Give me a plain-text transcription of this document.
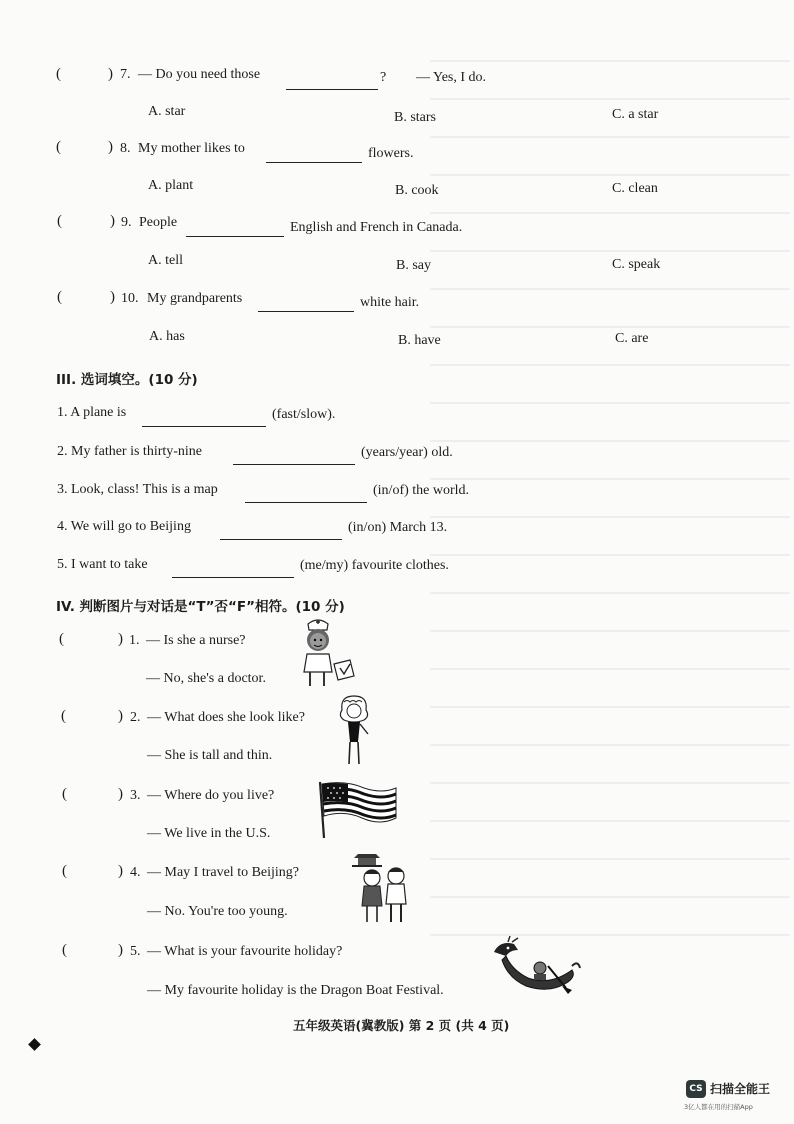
(	) 7. — Do you need those	? — Yes, I do.
A. star	B. stars	C. a star
(	) 8. My mother likes to	flowers.
A. plant	B. cook	C. clean
(	) 9. People	English and French in Canada.
A. tell	B. say	C. speak
(	) 10. My grandparents	white hair.
A. has	B. have	C. are
III. 选词填空。(10 分)
1. A plane is	(fast/slow).
2. My father is thirty-nine	(years/year) old.
3. Look, class! This is a map	(in/of) the world.
4. We will go to Beijing	(in/on) March 13.
5. I want to take	(me/my) favourite clothes.
IV. 判断图片与对话是“T”否“F”相符。(10 分)
(	) 1. — Is she a nurse?
— No, she's a doctor.
(	) 2. — What does she look like?
— She is tall and thin.
(	) 3. — Where do you live?
— We live in the U.S.
(	) 4. — May I travel to Beijing?
— No. You're too young.
(	) 5. — What is your favourite holiday?
— My favourite holiday is the Dragon Boat Festival.
五年级英语(冀教版) 第 2 页 (共 4 页)
CS 扫描全能王
3亿人都在用的扫描App
